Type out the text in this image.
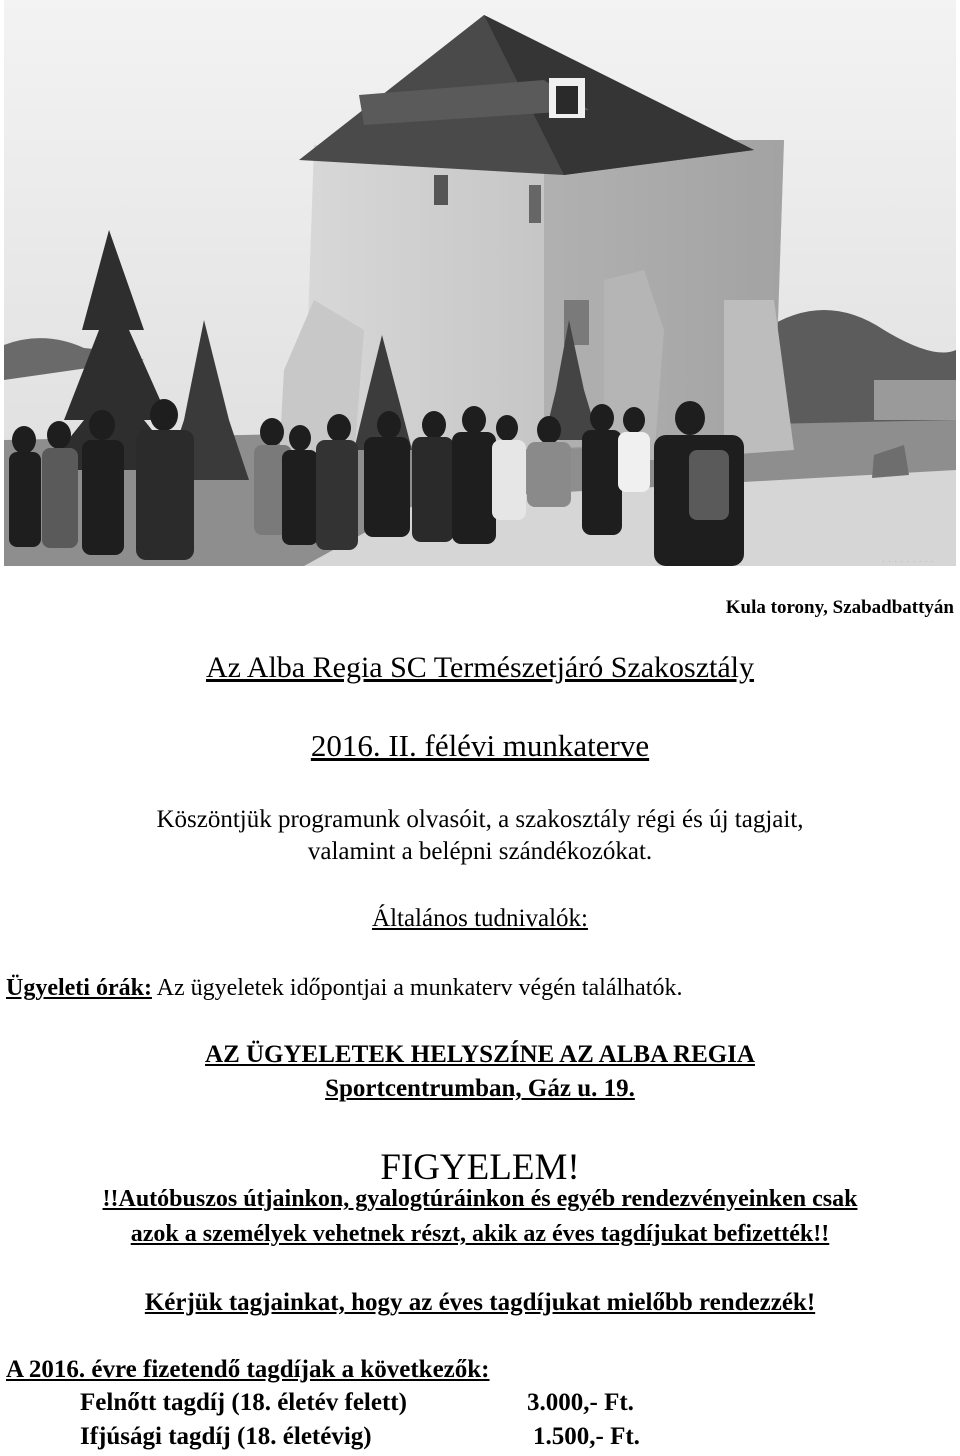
· · · · · · · · ·
Kula torony, Szabadbattyán
Az Alba Regia SC Természetjáró Szakosztály
2016. II. félévi munkaterve
Köszöntjük programunk olvasóit, a szakosztály régi és új tagjait,
valamint a belépni szándékozókat.
Általános tudnivalók:
Ügyeleti órák: Az ügyeletek időpontjai a munkaterv végén találhatók.
AZ ÜGYELETEK HELYSZÍNE AZ ALBA REGIA
Sportcentrumban, Gáz u. 19.
FIGYELEM!
!!Autóbuszos útjainkon, gyalogtúráinkon és egyéb rendezvényeinken csak
azok a személyek vehetnek részt, akik az éves tagdíjukat befizették!!
Kérjük tagjainkat, hogy az éves tagdíjukat mielőbb rendezzék!
A 2016. évre fizetendő tagdíjak a következők:
Felnőtt tagdíj (18. életév felett)	3.000,- Ft.
Ifjúsági tagdíj (18. életévig)	1.500,- Ft.
